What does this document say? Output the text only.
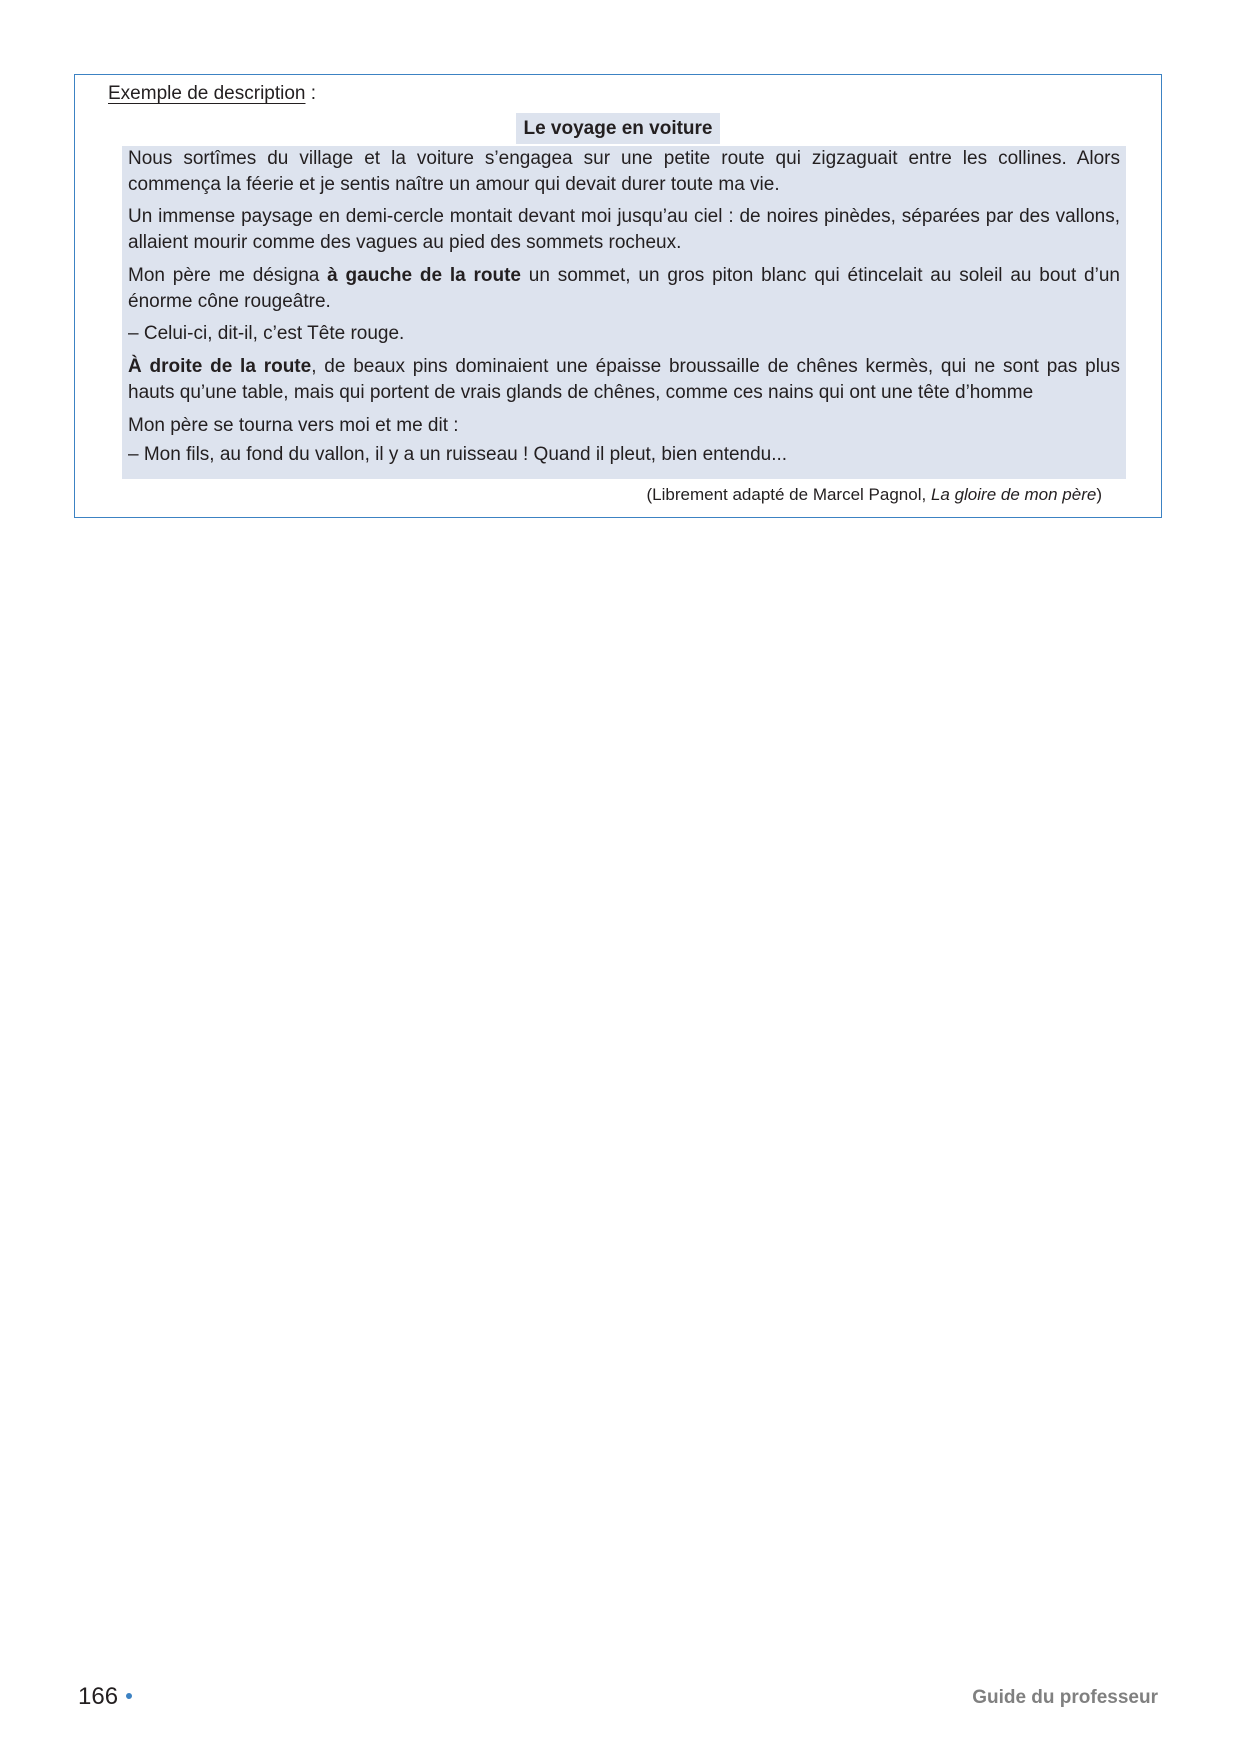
Exemple de description :
Le voyage en voiture
Nous sortîmes du village et la voiture s’engagea sur une petite route qui zigzaguait entre les collines. Alors commença la féerie et je sentis naître un amour qui devait durer toute ma vie.
Un immense paysage en demi-cercle montait devant moi jusqu’au ciel : de noires pinèdes, séparées par des vallons, allaient mourir comme des vagues au pied des sommets rocheux.
Mon père me désigna à gauche de la route un sommet, un gros piton blanc qui étincelait au soleil au bout d’un énorme cône rougeâtre.
– Celui-ci, dit-il, c’est Tête rouge.
À droite de la route, de beaux pins dominaient une épaisse broussaille de chênes kermès, qui ne sont pas plus hauts qu’une table, mais qui portent de vrais glands de chênes, comme ces nains qui ont une tête d’homme
Mon père se tourna vers moi et me dit :
– Mon fils, au fond du vallon, il y a un ruisseau ! Quand il pleut, bien entendu...
(Librement adapté de Marcel Pagnol, La gloire de mon père)
166	Guide du professeur
